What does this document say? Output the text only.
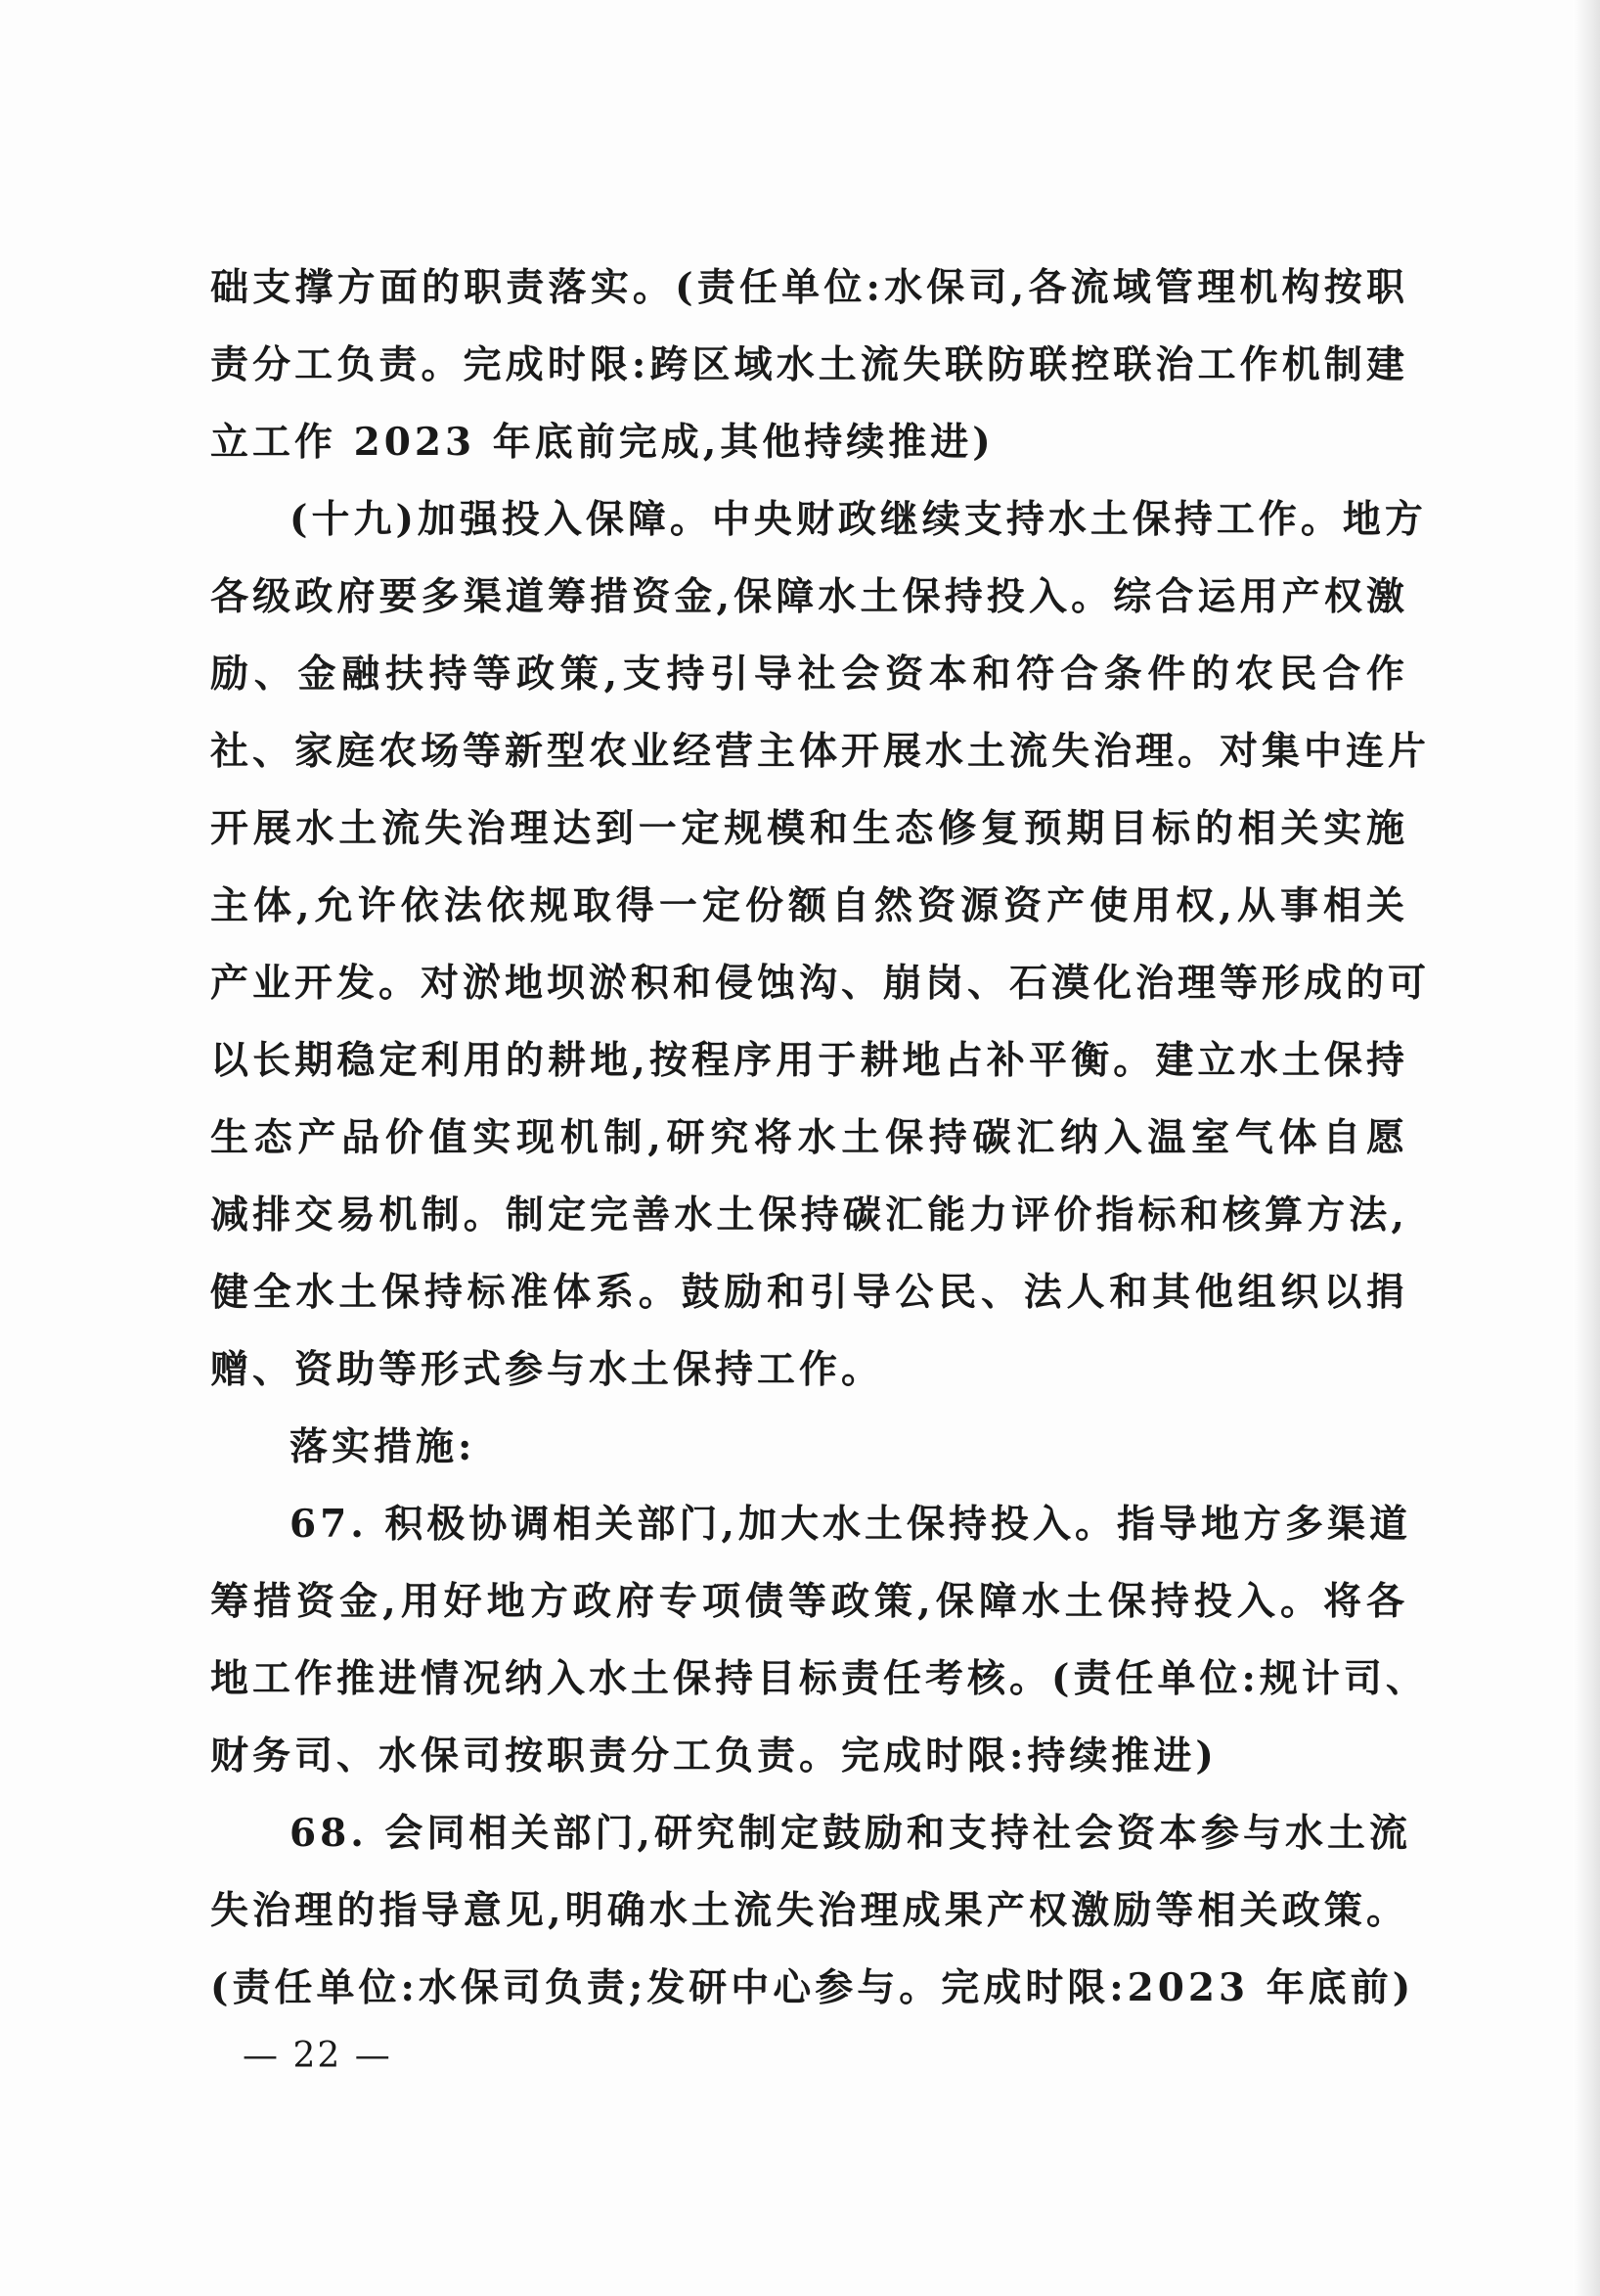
础支撑方面的职责落实。(责任单位:水保司,各流域管理机构按职
责分工负责。完成时限:跨区域水土流失联防联控联治工作机制建
立工作 2023 年底前完成,其他持续推进)
(十九)加强投入保障。中央财政继续支持水土保持工作。地方
各级政府要多渠道筹措资金,保障水土保持投入。综合运用产权激
励、金融扶持等政策,支持引导社会资本和符合条件的农民合作
社、家庭农场等新型农业经营主体开展水土流失治理。对集中连片
开展水土流失治理达到一定规模和生态修复预期目标的相关实施
主体,允许依法依规取得一定份额自然资源资产使用权,从事相关
产业开发。对淤地坝淤积和侵蚀沟、崩岗、石漠化治理等形成的可
以长期稳定利用的耕地,按程序用于耕地占补平衡。建立水土保持
生态产品价值实现机制,研究将水土保持碳汇纳入温室气体自愿
减排交易机制。制定完善水土保持碳汇能力评价指标和核算方法,
健全水土保持标准体系。鼓励和引导公民、法人和其他组织以捐
赠、资助等形式参与水土保持工作。
落实措施:
67. 积极协调相关部门,加大水土保持投入。指导地方多渠道
筹措资金,用好地方政府专项债等政策,保障水土保持投入。将各
地工作推进情况纳入水土保持目标责任考核。(责任单位:规计司、
财务司、水保司按职责分工负责。完成时限:持续推进)
68. 会同相关部门,研究制定鼓励和支持社会资本参与水土流
失治理的指导意见,明确水土流失治理成果产权激励等相关政策。
(责任单位:水保司负责;发研中心参与。完成时限:2023 年底前)
— 22 —
